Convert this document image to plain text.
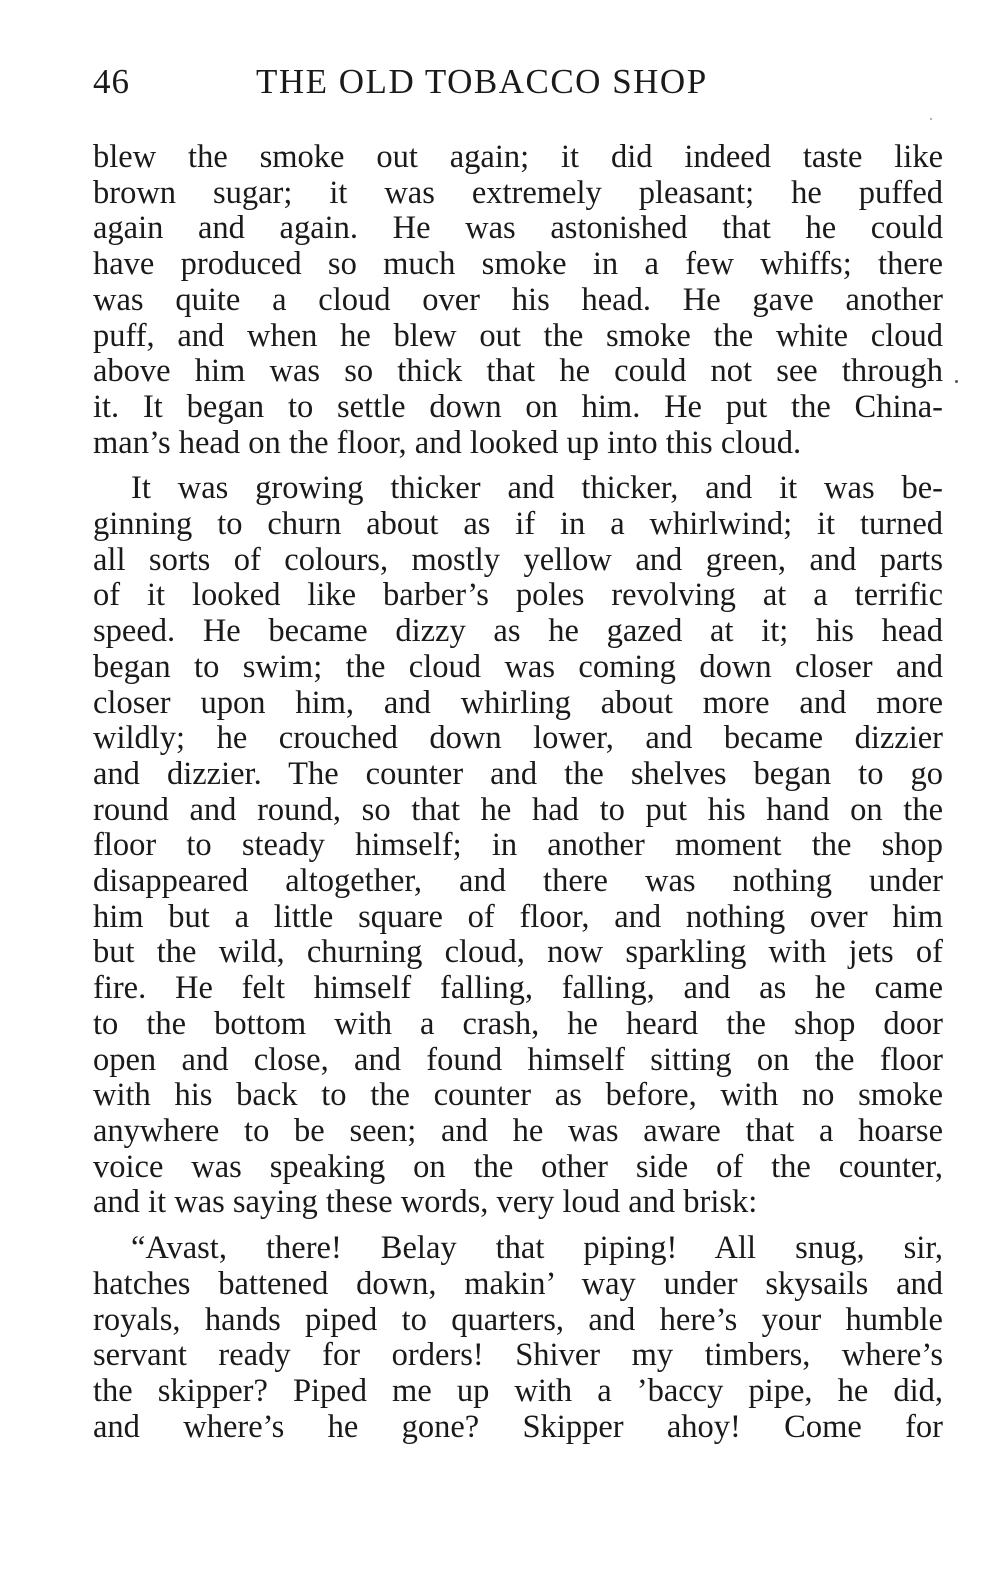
46	THE OLD TOBACCO SHOP
blew the smoke out again; it did indeed taste like
brown sugar; it was extremely pleasant; he puffed
again and again. He was astonished that he could
have produced so much smoke in a few whiffs; there
was quite a cloud over his head. He gave another
puff, and when he blew out the smoke the white cloud
above him was so thick that he could not see through
it. It began to settle down on him. He put the China-
man’s head on the floor, and looked up into this cloud.
It was growing thicker and thicker, and it was be-
ginning to churn about as if in a whirlwind; it turned
all sorts of colours, mostly yellow and green, and parts
of it looked like barber’s poles revolving at a terrific
speed. He became dizzy as he gazed at it; his head
began to swim; the cloud was coming down closer and
closer upon him, and whirling about more and more
wildly; he crouched down lower, and became dizzier
and dizzier. The counter and the shelves began to go
round and round, so that he had to put his hand on the
floor to steady himself; in another moment the shop
disappeared altogether, and there was nothing under
him but a little square of floor, and nothing over him
but the wild, churning cloud, now sparkling with jets of
fire. He felt himself falling, falling, and as he came
to the bottom with a crash, he heard the shop door
open and close, and found himself sitting on the floor
with his back to the counter as before, with no smoke
anywhere to be seen; and he was aware that a hoarse
voice was speaking on the other side of the counter,
and it was saying these words, very loud and brisk:
“Avast, there! Belay that piping! All snug, sir,
hatches battened down, makin’ way under skysails and
royals, hands piped to quarters, and here’s your humble
servant ready for orders! Shiver my timbers, where’s
the skipper? Piped me up with a ’baccy pipe, he did,
and where’s he gone? Skipper ahoy! Come for
